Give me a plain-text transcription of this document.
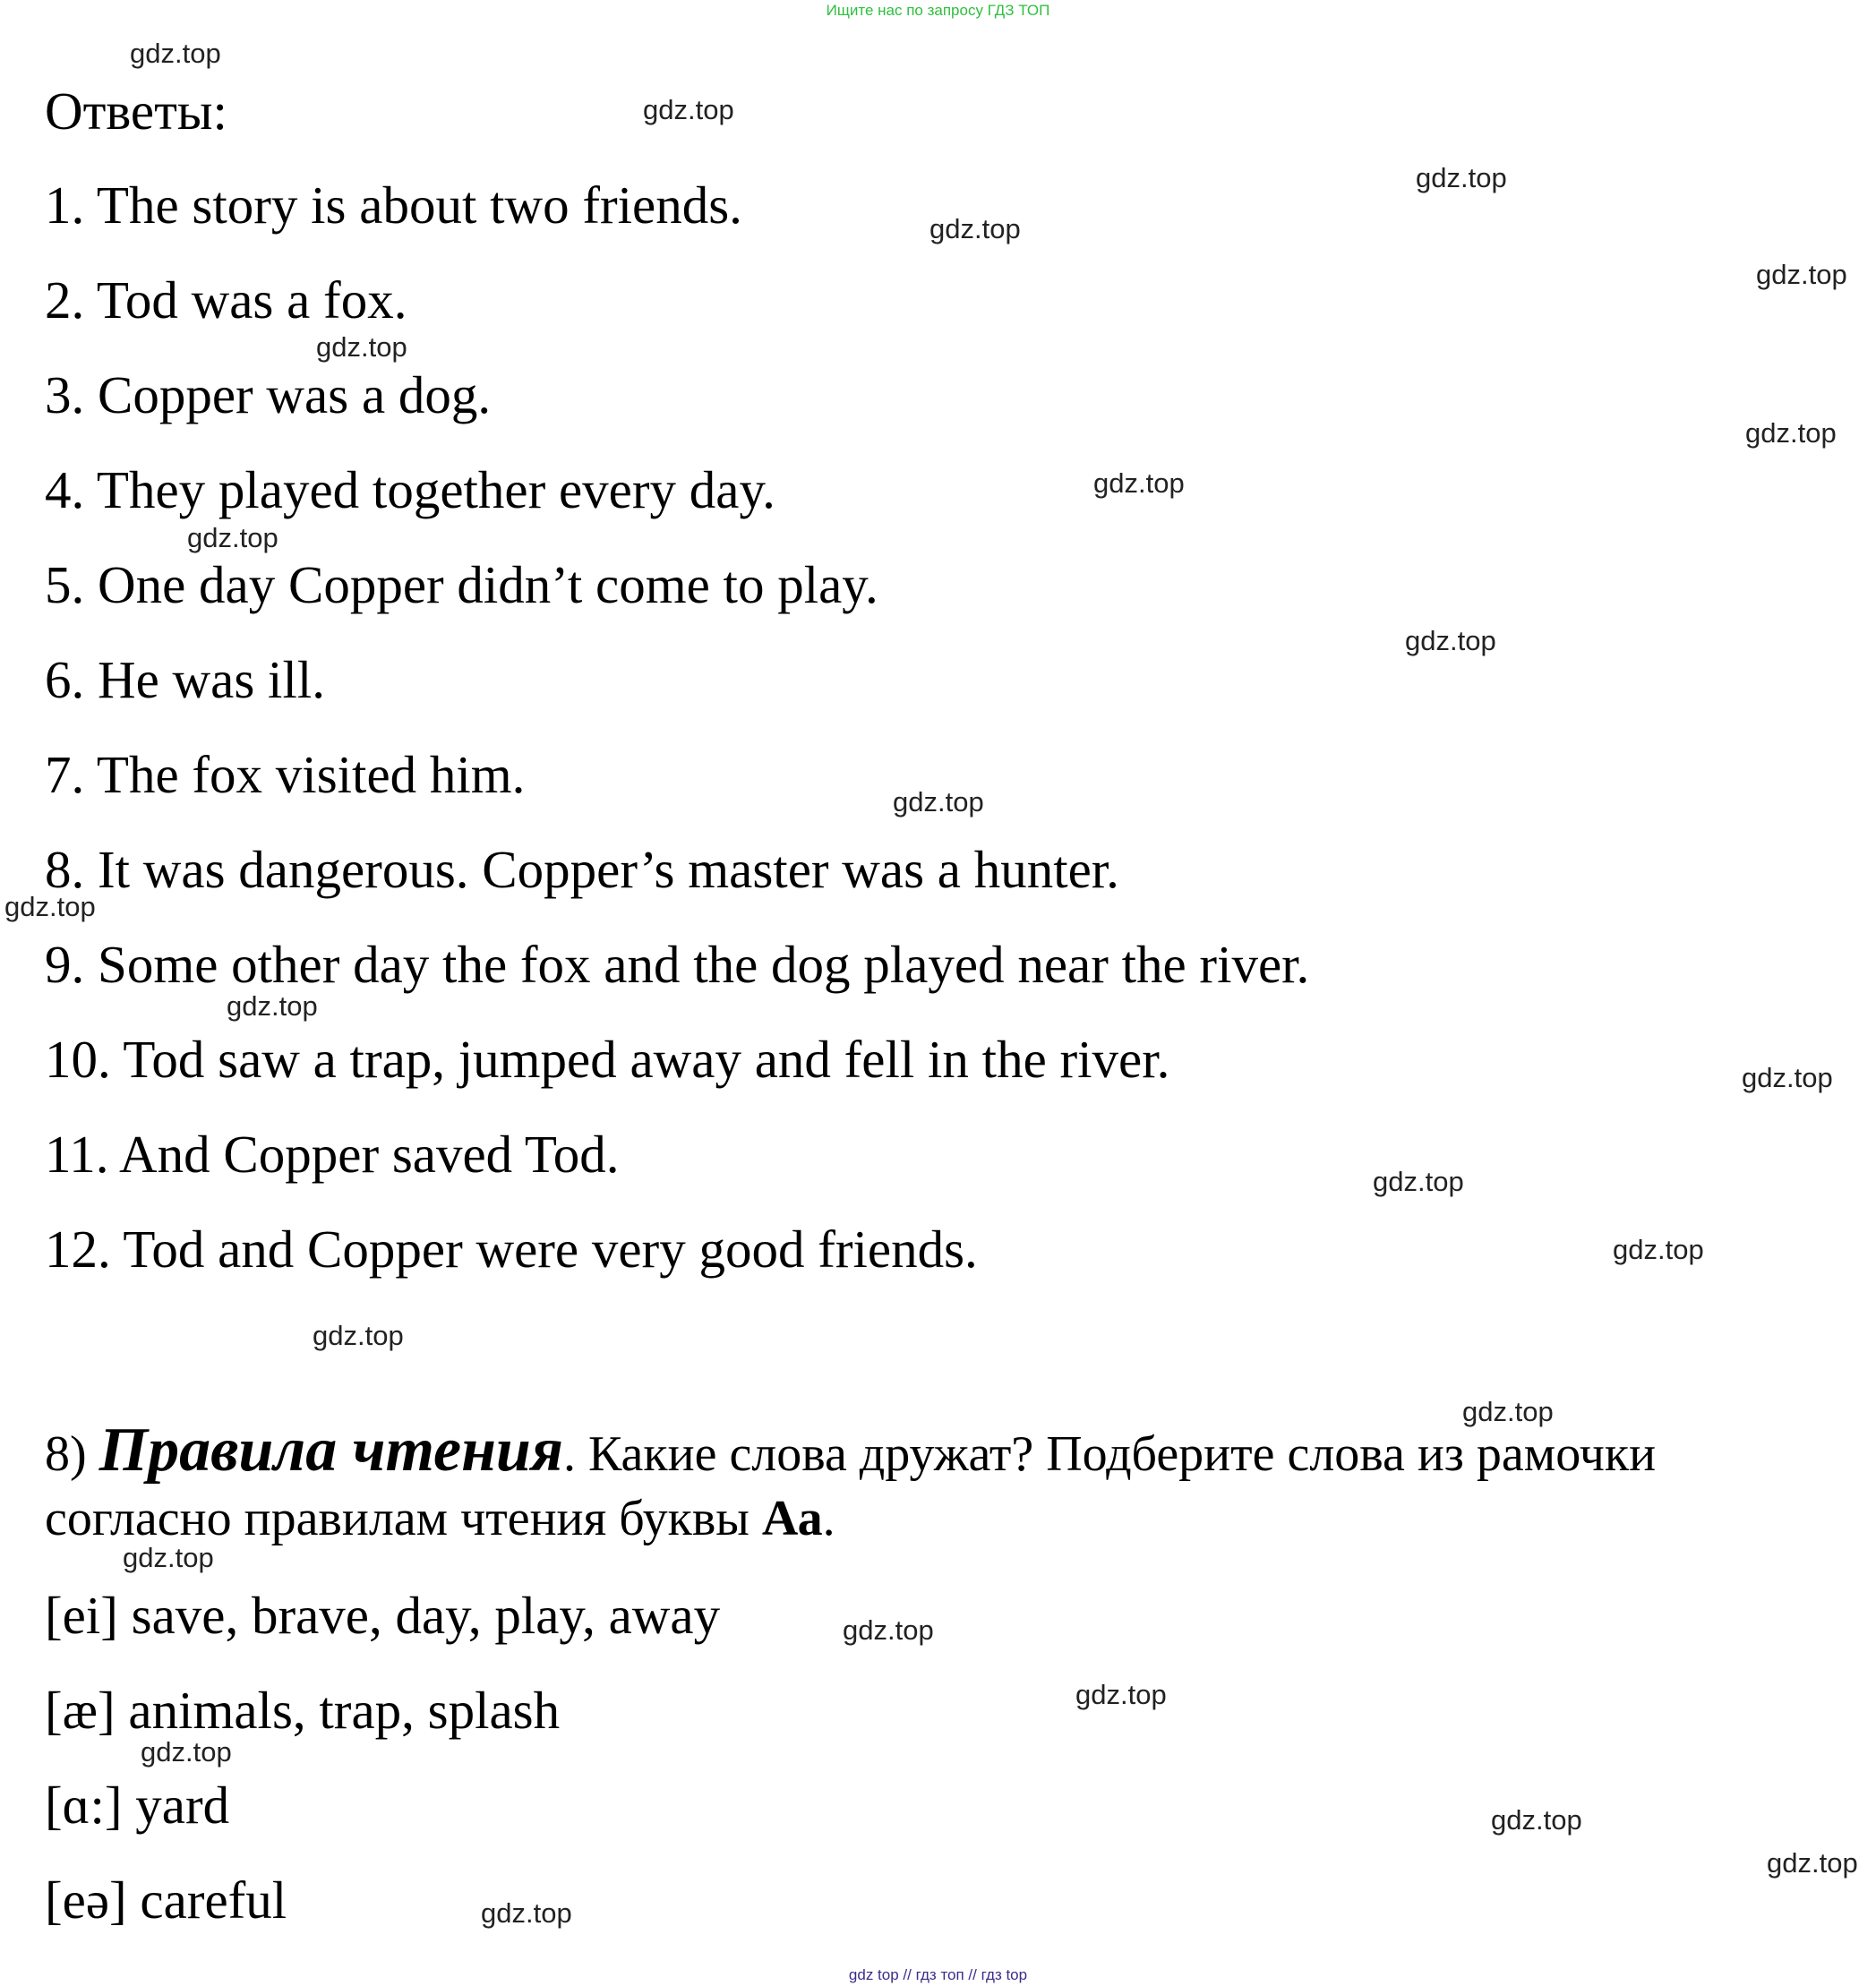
Ищите нас по запросу ГДЗ ТОП
Ответы:
1. The story is about two friends.
2. Tod was a fox.
3. Copper was a dog.
4. They played together every day.
5. One day Copper didn’t come to play.
6. He was ill.
7. The fox visited him.
8. It was dangerous. Copper’s master was a hunter.
9. Some other day the fox and the dog played near the river.
10. Tod saw a trap, jumped away and fell in the river.
11. And Copper saved Tod.
12. Tod and Copper were very good friends.
8) Правила чтения. Какие слова дружат? Подберите слова из рамочки
согласно правилам чтения буквы Аа.
[ei] save, brave, day, play, away
[æ] animals, trap, splash
[ɑ:] yard
[eə] careful
gdz.top
gdz.top
gdz.top
gdz.top
gdz.top
gdz.top
gdz.top
gdz.top
gdz.top
gdz.top
gdz.top
gdz.top
gdz.top
gdz.top
gdz.top
gdz.top
gdz.top
gdz.top
gdz.top
gdz.top
gdz.top
gdz.top
gdz.top
gdz.top
gdz.top
gdz top // гдз топ // гдз top
